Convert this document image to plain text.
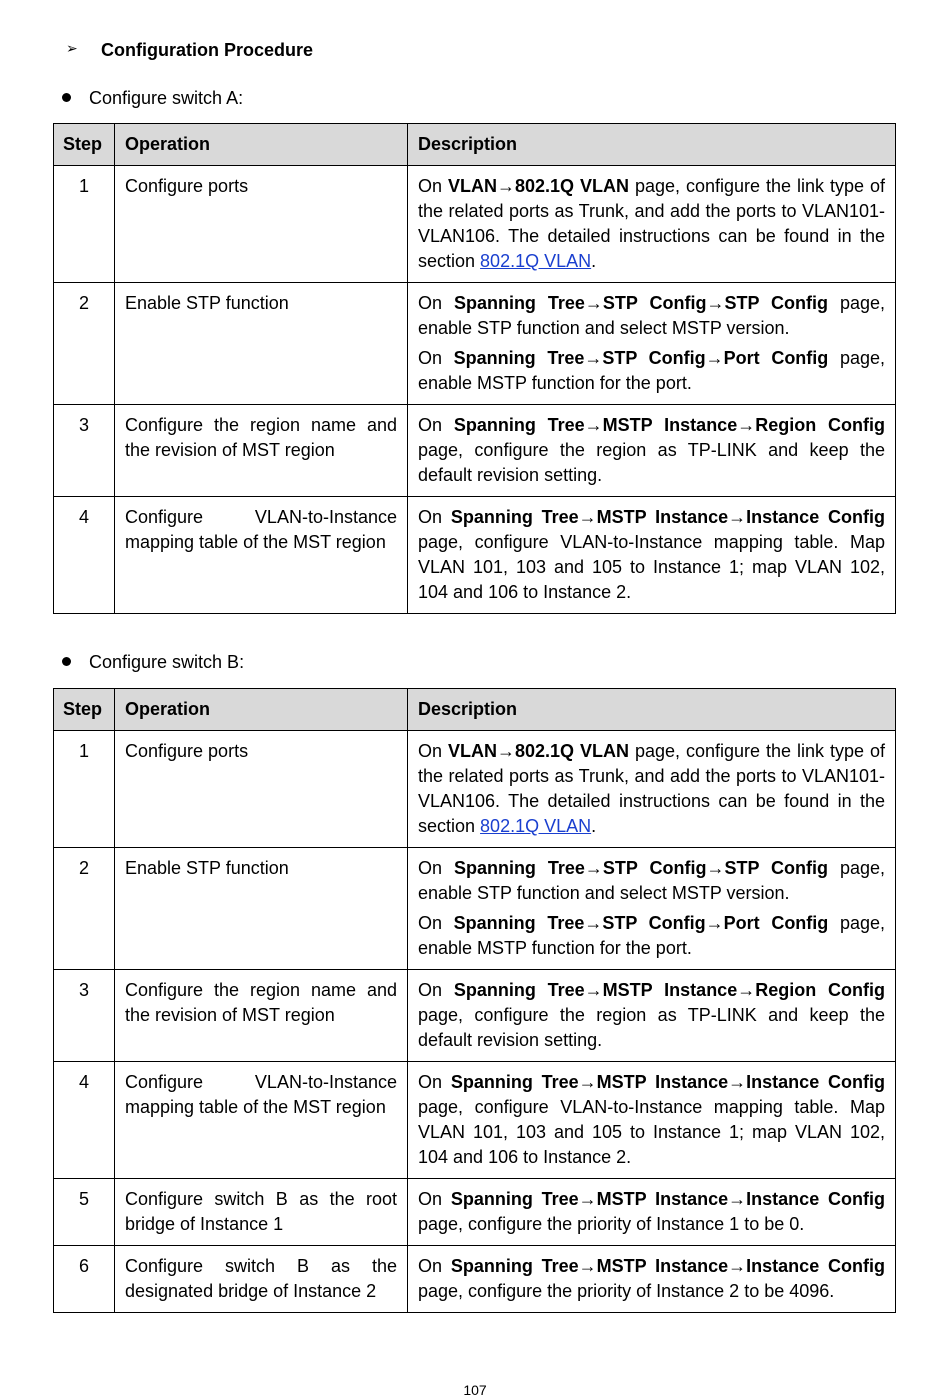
➢ Configuration Procedure
Configure switch A:
Step	Operation	Description
1	Configure ports	On VLAN→802.1Q VLAN page, configure the link type of the related ports as Trunk, and add the ports to VLAN101-VLAN106. The detailed instructions can be found in the section 802.1Q VLAN.

2	Enable STP function	On Spanning Tree→STP Config→STP Config page, enable STP function and select MSTP version.

On Spanning Tree→STP Config→Port Config page, enable MSTP function for the port.

3	Configure the region name and the revision of MST region	On Spanning Tree→MSTP Instance→Region Config page, configure the region as TP-LINK and keep the default revision setting.

4	Configure VLAN-to-Instance mapping table of the MST region	On Spanning Tree→MSTP Instance→Instance Config page, configure VLAN-to-Instance mapping table. Map VLAN 101, 103 and 105 to Instance 1; map VLAN 102, 104 and 106 to Instance 2.

Configure switch B:
Step	Operation	Description
1	Configure ports	On VLAN→802.1Q VLAN page, configure the link type of the related ports as Trunk, and add the ports to VLAN101-VLAN106. The detailed instructions can be found in the section 802.1Q VLAN.

2	Enable STP function	On Spanning Tree→STP Config→STP Config page, enable STP function and select MSTP version.

On Spanning Tree→STP Config→Port Config page, enable MSTP function for the port.

3	Configure the region name and the revision of MST region	On Spanning Tree→MSTP Instance→Region Config page, configure the region as TP-LINK and keep the default revision setting.

4	Configure VLAN-to-Instance mapping table of the MST region	On Spanning Tree→MSTP Instance→Instance Config page, configure VLAN-to-Instance mapping table. Map VLAN 101, 103 and 105 to Instance 1; map VLAN 102, 104 and 106 to Instance 2.

5	Configure switch B as the root bridge of Instance 1	On Spanning Tree→MSTP Instance→Instance Config page, configure the priority of Instance 1 to be 0.

6	Configure switch B as the designated bridge of Instance 2	On Spanning Tree→MSTP Instance→Instance Config page, configure the priority of Instance 2 to be 4096.

107
